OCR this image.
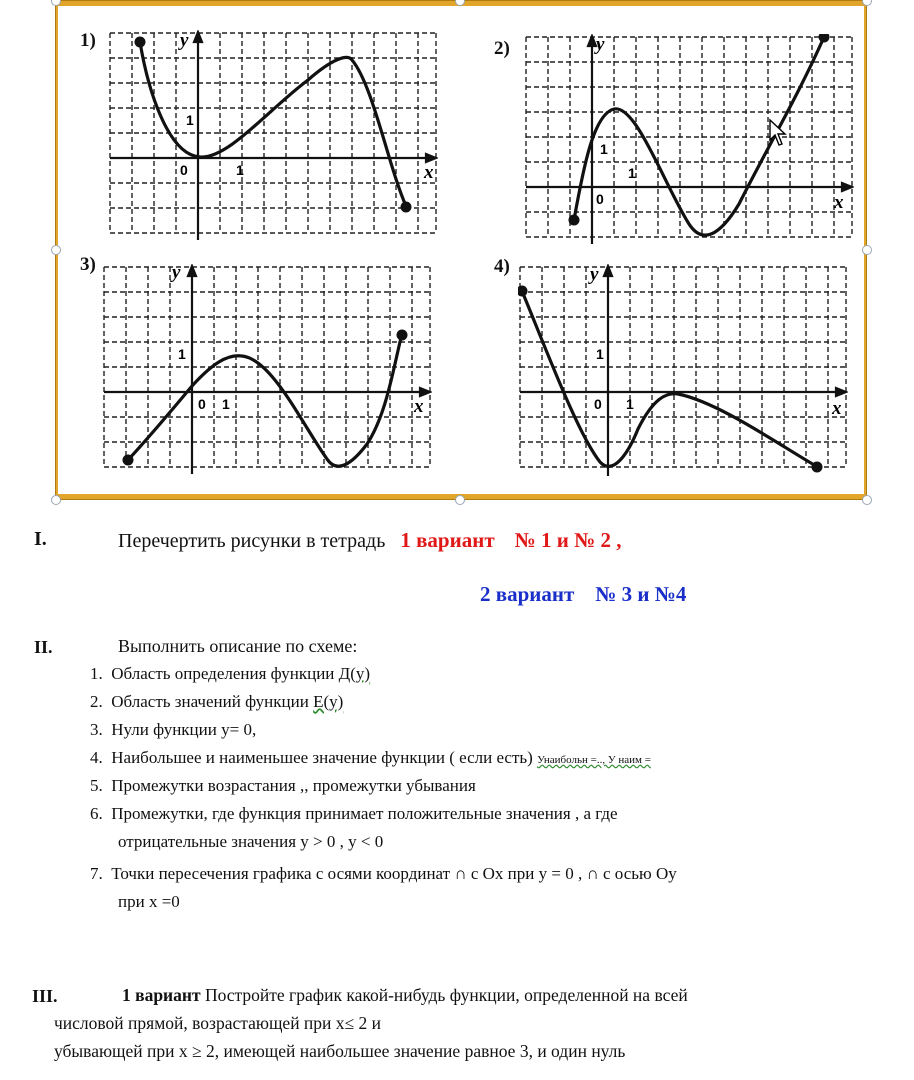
1)	y
x
0	1
1
2)	y
x
0
1
1
3)	y
x
0 1
1
4)	y
x
0 1
1
I.	Перечертить рисунки в тетрадь 1 вариант № 1 и № 2 ,
2 вариант № 3 и №4
II.	Выполнить описание по схеме:
1. Область определения функции Д(у)
2. Область значений функции Е(у)
3. Нули функции у= 0,
4.  Наибольшее и наименьшее значение функции ( если есть) Унаибольн =.., У наим =
5. Промежутки возрастания ,, промежутки убывания
6.  Промежутки, где функция принимает положительные значения , а где
отрицательные значения у > 0 , у < 0
7. Точки пересечения графика с осями координат ∩ с Ох при у = 0 , ∩ с осью Оу
при х =0
III.	1 вариант Постройте график какой-нибудь функции, определенной на всей
числовой прямой, возрастающей при х≤ 2 и
убывающей при х ≥ 2, имеющей наибольшее значение равное 3, и один нуль
